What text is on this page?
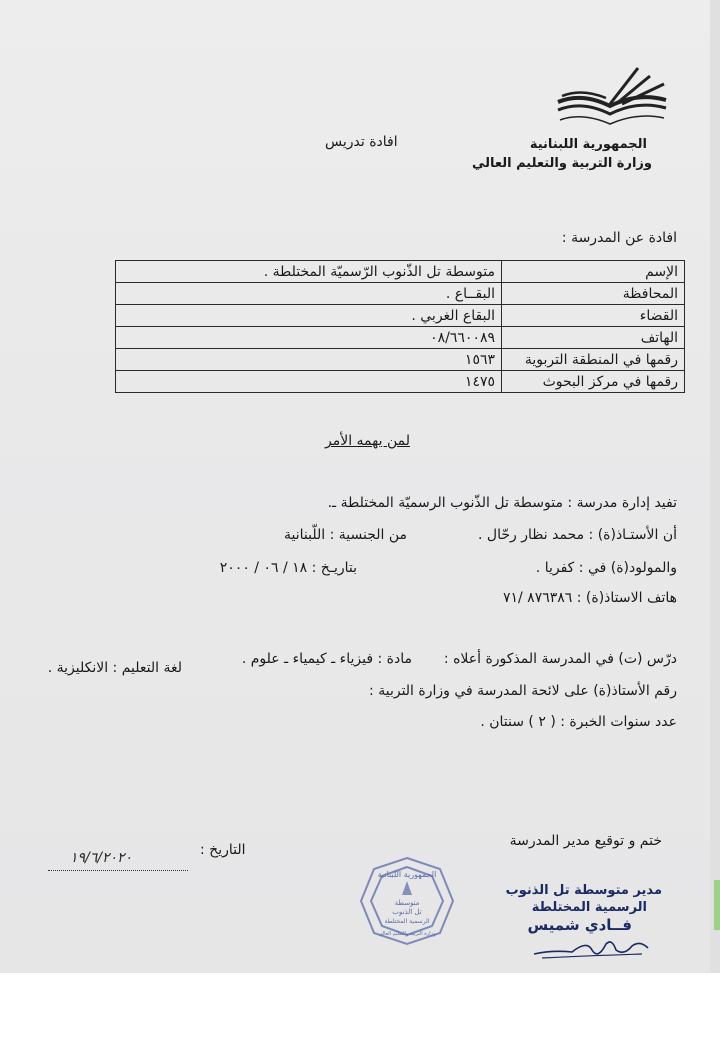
الجمهورية اللبنانية
وزارة التربية والتعليم العالي
افادة تدريس
افادة عن المدرسة :
الإسم	متوسطة تل الذّنوب الرّسميّة المختلطة .
المحافظة	البقــاع .
القضاء	البقاع الغربي .
الهاتف	٠٨/٦٦٠٠٨٩
رقمها في المنطقة التربوية	١٥٦٣
رقمها في مركز البحوث	١٤٧٥
لمن يهمه الأمر
تفيد إدارة مدرسة : متوسطة تل الذّنوب الرسميّة المختلطة ـ.
أن الأستـاذ(ة) : محمد نظار رحّال .
من الجنسية : اللّبنانية
والمولود(ة) في : كفريا .
بتاريـخ : ١٨ / ٠٦ / ٢٠٠٠
هاتف الاستاذ(ة) : ٨٧٦٣٨٦ /٧١
درّس (ت) في المدرسة المذكورة أعلاه :
مادة : فيزياء ـ كيمياء ـ علوم .
لغة التعليم : الانكليزية .
رقم الأستاذ(ة) على لائحة المدرسة في وزارة التربية :
عدد سنوات الخبرة : ( ٢ ) سنتان .
ختم و توقيع مدير المدرسة
التاريخ :
١٩/٦/٢٠٢٠
الجمهورية اللبنانية
متوسطة
تل الذنوب
الرسمية المختلطة
وزارة التربية والتعليم العالي
مدير متوسطة تل الذنوب
الرسمية المختلطة
فــادي شميس
